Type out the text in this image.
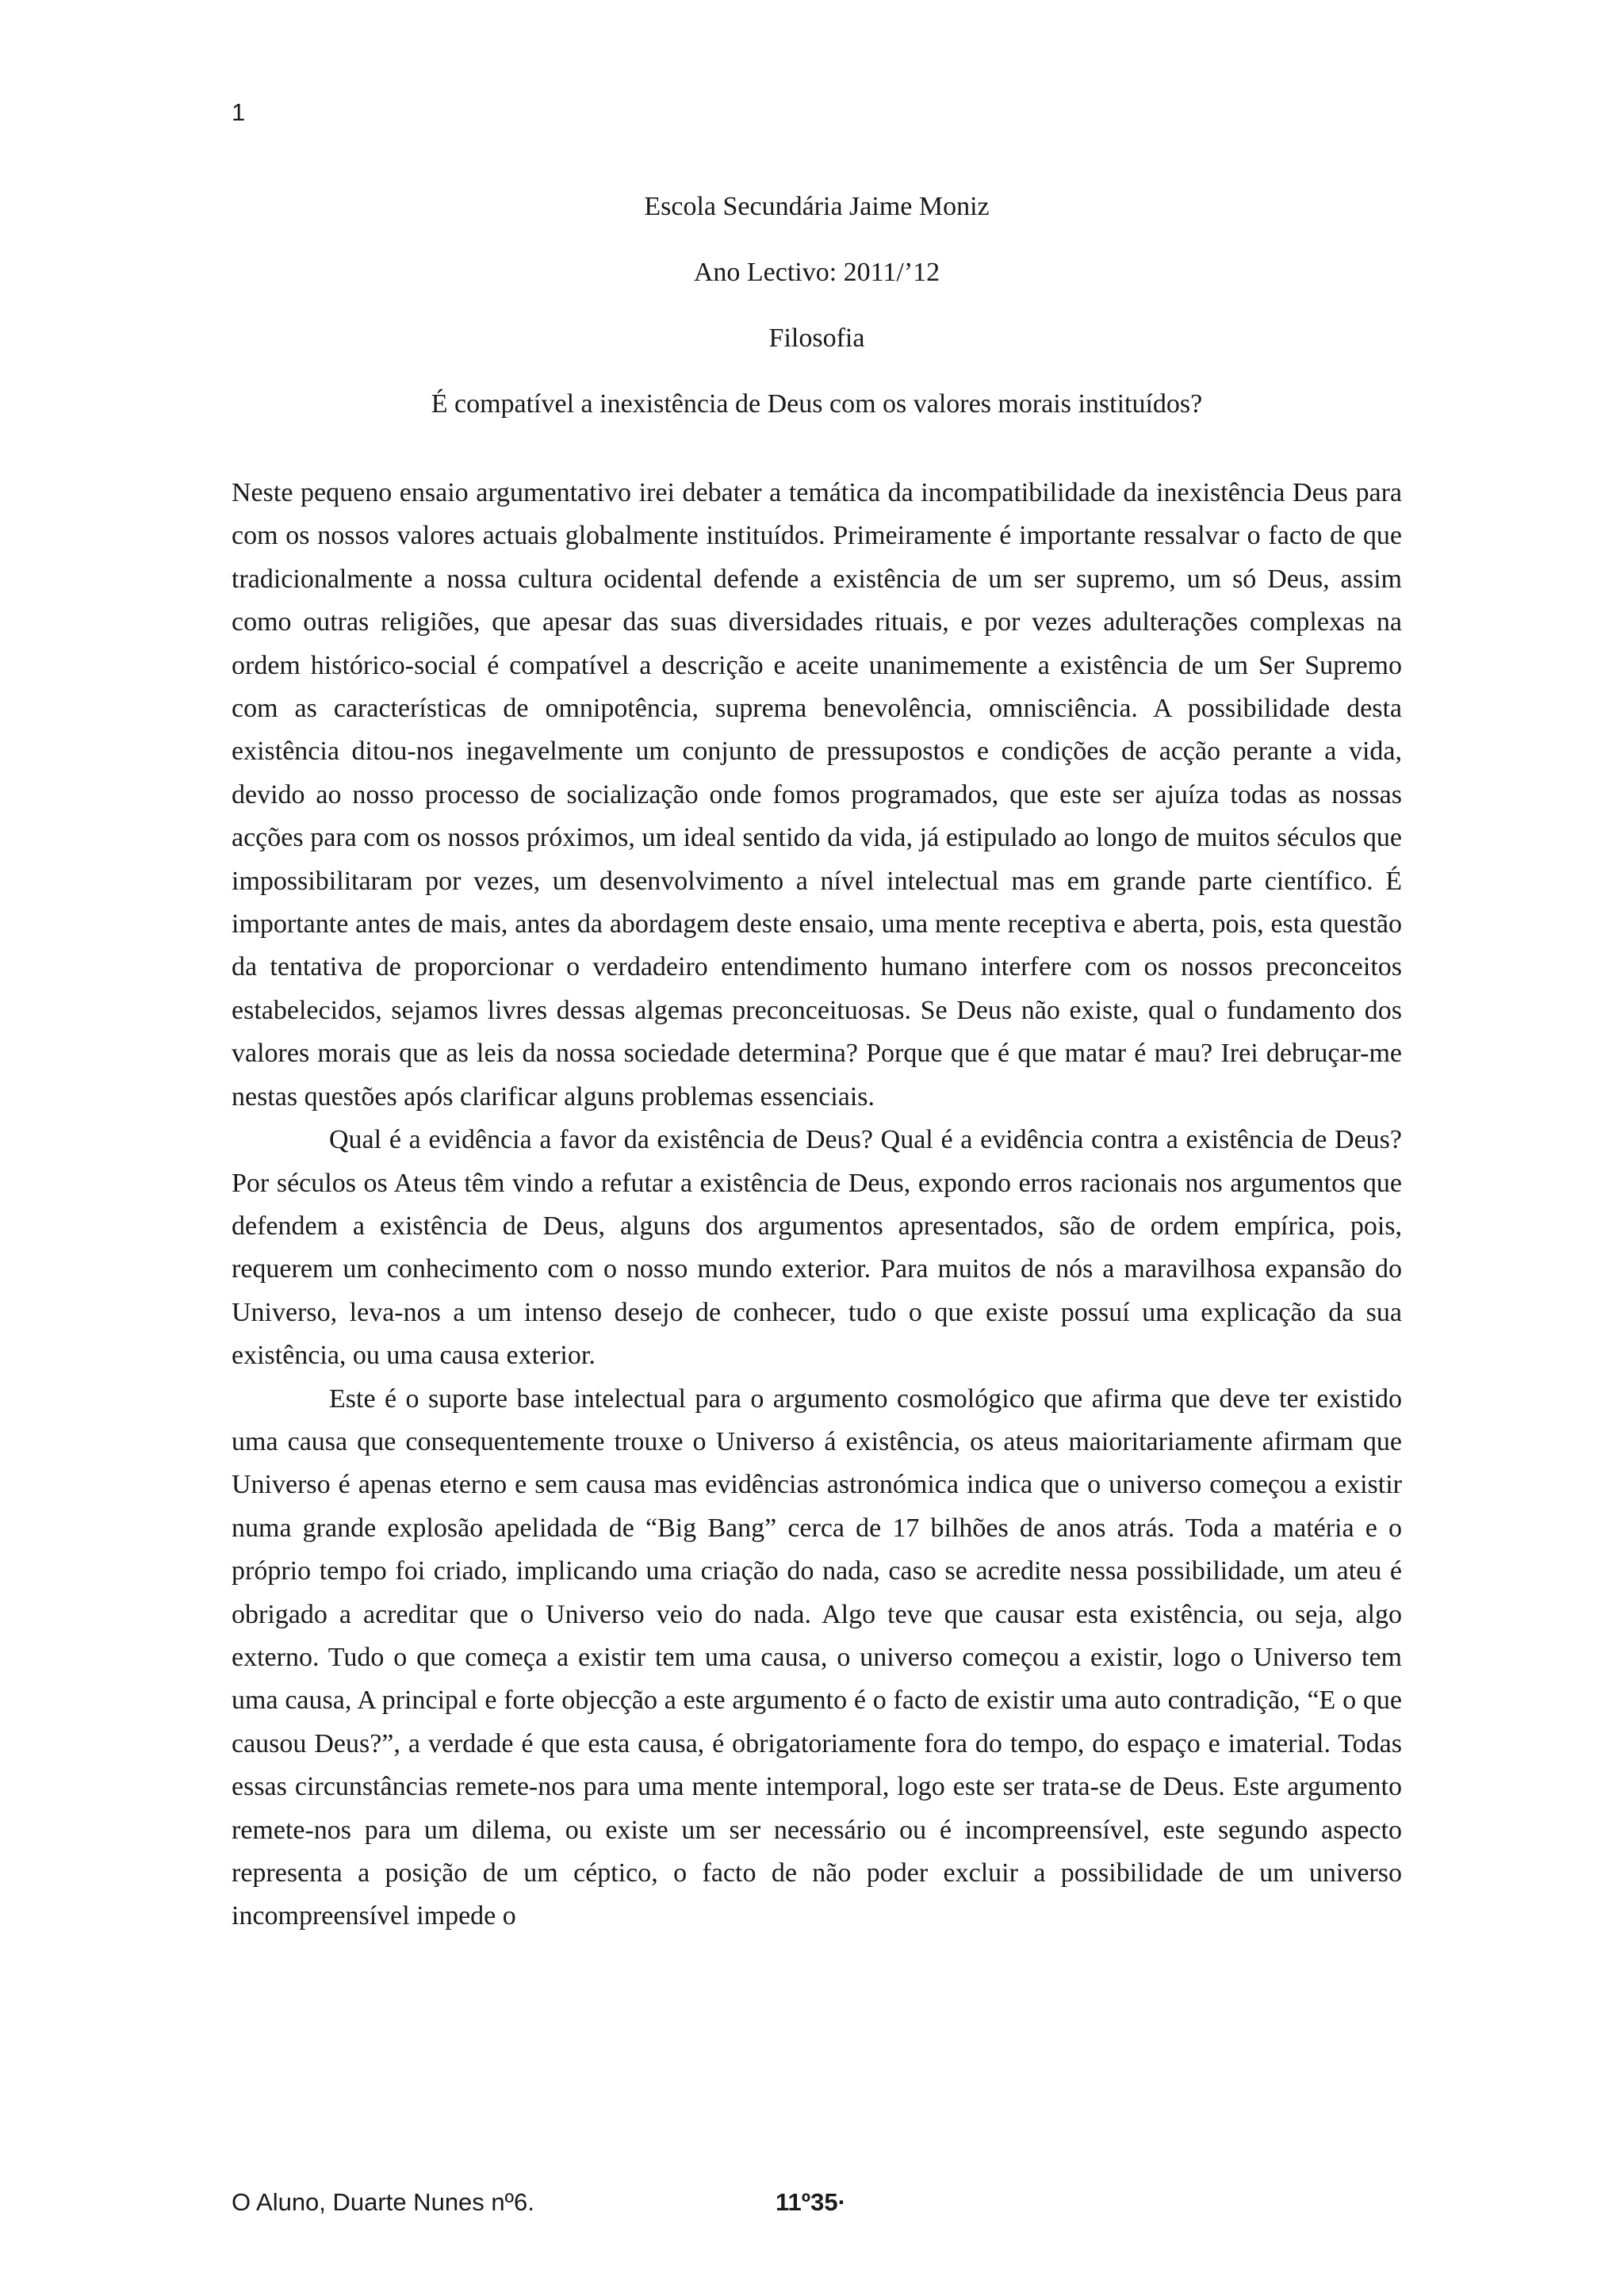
1
Escola Secundária Jaime Moniz
Ano Lectivo: 2011/’12
Filosofia
É compatível a inexistência de Deus com os valores morais instituídos?

Neste pequeno ensaio argumentativo irei debater a temática da incompatibilidade da inexistência Deus para com os nossos valores actuais globalmente instituídos. Primeiramente é importante ressalvar o facto de que tradicionalmente a nossa cultura ocidental defende a existência de um ser supremo, um só Deus, assim como outras religiões, que apesar das suas diversidades rituais, e por vezes adulterações complexas na ordem histórico-social é compatível a descrição e aceite unanimemente a existência de um Ser Supremo com as características de omnipotência, suprema benevolência, omnisciência. A possibilidade desta existência ditou-nos inegavelmente um conjunto de pressupostos e condições de acção perante a vida, devido ao nosso processo de socialização onde fomos programados, que este ser ajuíza todas as nossas acções para com os nossos próximos, um ideal sentido da vida, já estipulado ao longo de muitos séculos que impossibilitaram por vezes, um desenvolvimento a nível intelectual mas em grande parte científico. É importante antes de mais, antes da abordagem deste ensaio, uma mente receptiva e aberta, pois, esta questão da tentativa de proporcionar o verdadeiro entendimento humano interfere com os nossos preconceitos estabelecidos, sejamos livres dessas algemas preconceituosas. Se Deus não existe, qual o fundamento dos valores morais que as leis da nossa sociedade determina? Porque que é que matar é mau? Irei debruçar-me nestas questões após clarificar alguns problemas essenciais.

Qual é a evidência a favor da existência de Deus? Qual é a evidência contra a existência de Deus? Por séculos os Ateus têm vindo a refutar a existência de Deus, expondo erros racionais nos argumentos que defendem a existência de Deus, alguns dos argumentos apresentados, são de ordem empírica, pois, requerem um conhecimento com o nosso mundo exterior. Para muitos de nós a maravilhosa expansão do Universo, leva-nos a um intenso desejo de conhecer, tudo o que existe possuí uma explicação da sua existência, ou uma causa exterior.

Este é o suporte base intelectual para o argumento cosmológico que afirma que deve ter existido uma causa que consequentemente trouxe o Universo á existência, os ateus maioritariamente afirmam que Universo é apenas eterno e sem causa mas evidências astronómica indica que o universo começou a existir numa grande explosão apelidada de “Big Bang” cerca de 17 bilhões de anos atrás. Toda a matéria e o próprio tempo foi criado, implicando uma criação do nada, caso se acredite nessa possibilidade, um ateu é obrigado a acreditar que o Universo veio do nada. Algo teve que causar esta existência, ou seja, algo externo. Tudo o que começa a existir tem uma causa, o universo começou a existir, logo o Universo tem uma causa, A principal e forte objecção a este argumento é o facto de existir uma auto contradição, “E o que causou Deus?”, a verdade é que esta causa, é obrigatoriamente fora do tempo, do espaço e imaterial. Todas essas circunstâncias remete-nos para uma mente intemporal, logo este ser trata-se de Deus. Este argumento remete-nos para um dilema, ou existe um ser necessário ou é incompreensível, este segundo aspecto representa a posição de um céptico, o facto de não poder excluir a possibilidade de um universo incompreensível impede o

O Aluno, Duarte Nunes nº6.	11º35·
